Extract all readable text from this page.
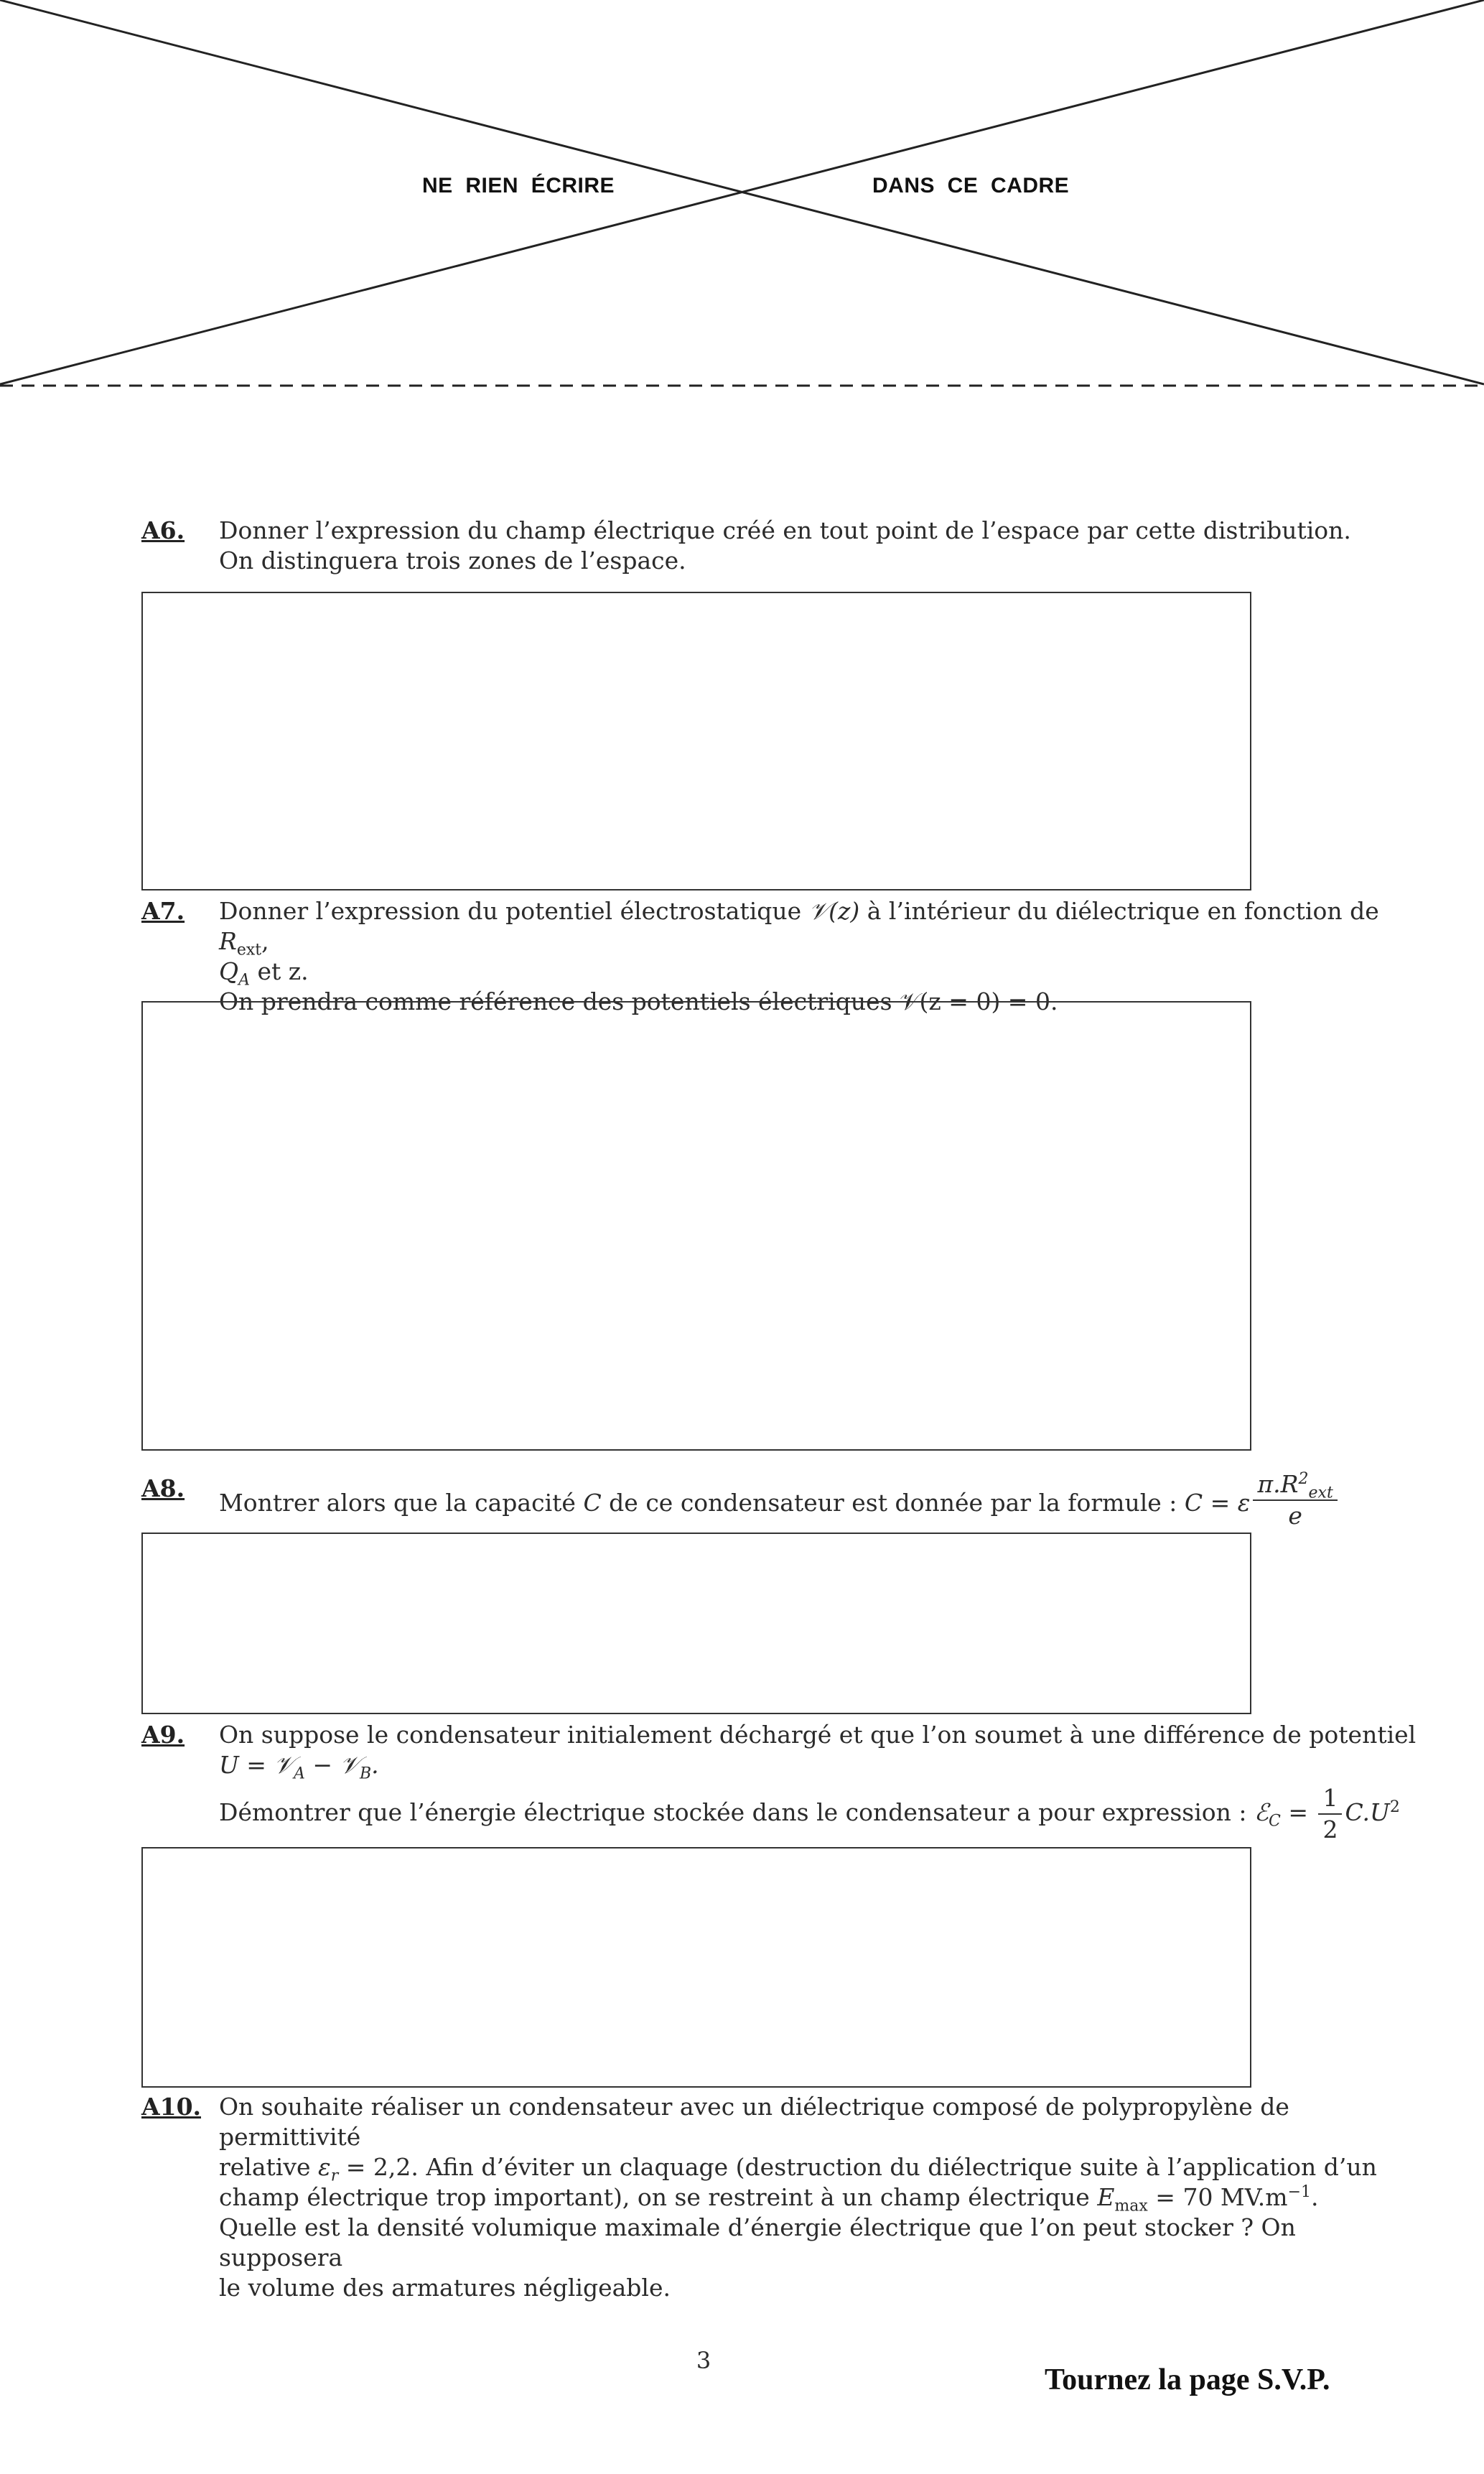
NE  RIEN  ÉCRIRE	DANS  CE  CADRE
A6. Donner l’expression du champ électrique créé en tout point de l’espace par cette distribution.

On distinguera trois zones de l’espace.

A7. Donner l’expression du potentiel électrostatique 𝒱(z) à l’intérieur du diélectrique en fonction de $R_{ext}$,

$Q_A$ et z.

On prendra comme référence des potentiels électriques 𝒱(z = 0) = 0.

A8.

Montrer alors que la capacité C de ce condensateur est donnée par la formule : C = ε $\frac{\pi.R^2_{ext}}{e}$

A9. On suppose le condensateur initialement déchargé et que l’on soumet à une différence de potentiel

U = 𝒱$_A$ − 𝒱$_B$.

Démontrer que l’énergie électrique stockée dans le condensateur a pour expression : ℰ$_C$ = $\frac{1}{2} C.U^2$

A10. On souhaite réaliser un condensateur avec un diélectrique composé de polypropylène de permittivité

relative $\varepsilon_r = 2,2$. Afin d’éviter un claquage (destruction du diélectrique suite à l’application d’un

champ électrique trop important), on se restreint à un champ électrique $E_{max} = 70$ $MV.m^{-1}$.

Quelle est la densité volumique maximale d’énergie électrique que l’on peut stocker ? On supposera

le volume des armatures négligeable.

3
Tournez la page S.V.P.
